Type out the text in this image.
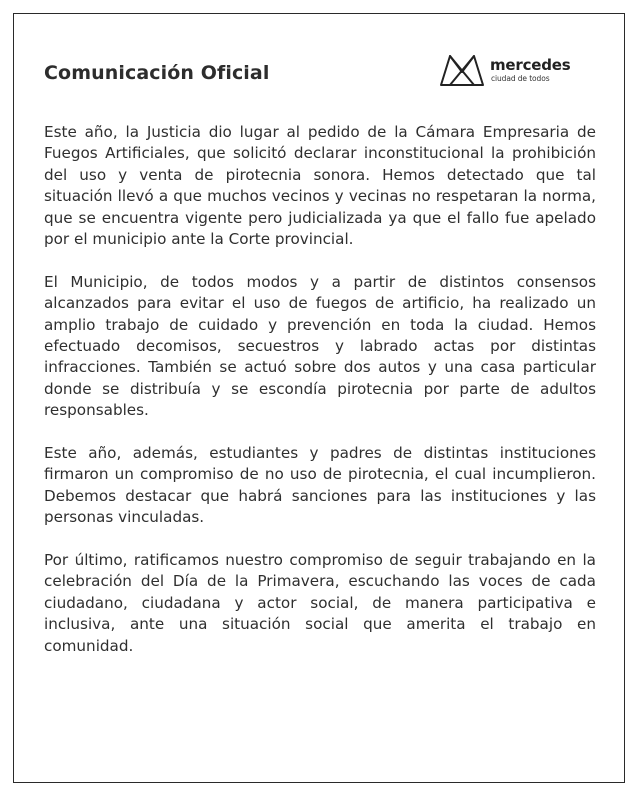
Comunicación Oficial	mercedes
ciudad de todos

Este año, la Justicia dio lugar al pedido de la Cámara Empresaria de Fuegos Artificiales, que solicitó declarar inconstitucional la prohibición del uso y venta de pirotecnia sonora. Hemos detectado que tal situación llevó a que muchos vecinos y vecinas no respetaran la norma, que se encuentra vigente pero judicializada ya que el fallo fue apelado por el municipio ante la Corte provincial.

El Municipio, de todos modos y a partir de distintos consensos alcanzados para evitar el uso de fuegos de artificio, ha realizado un amplio trabajo de cuidado y prevención en toda la ciudad. Hemos efectuado decomisos, secuestros y labrado actas por distintas infracciones. También se actuó sobre dos autos y una casa particular donde se distribuía y se escondía pirotecnia por parte de adultos responsables.

Este año, además, estudiantes y padres de distintas instituciones firmaron un compromiso de no uso de pirotecnia, el cual incumplieron. Debemos destacar que habrá sanciones para las instituciones y las personas vinculadas.

Por último, ratificamos nuestro compromiso de seguir trabajando en la celebración del Día de la Primavera, escuchando las voces de cada ciudadano, ciudadana y actor social, de manera participativa e inclusiva, ante una situación social que amerita el trabajo en comunidad.
